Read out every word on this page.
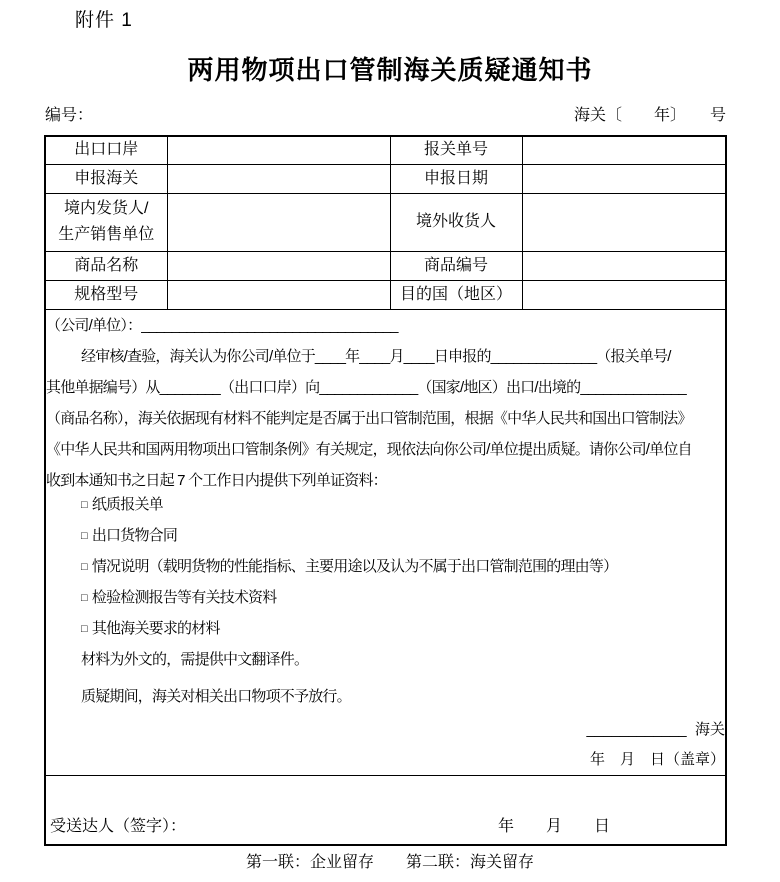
附件 1
两用物项出口管制海关质疑通知书
编号：	海关〔　　年〕　　号
出口口岸		报关单号	
申报海关		申报日期	

境内发货人/
生产销售单位		境外收货人	
商品名称		商品编号	
规格型号		目的国（地区）	

（公司/单位）：__________________________________
经审核/查验，海关认为你公司/单位于____年____月____日申报的______________（报关单号/
其他单据编号）从________（出口口岸）向_____________（国家/地区）出口/出境的______________
（商品名称），海关依据现有材料不能判定是否属于出口管制范围，根据《中华人民共和国出口管制法》
《中华人民共和国两用物项出口管制条例》有关规定，现依法向你公司/单位提出质疑。请你公司/单位自
收到本通知书之日起 7 个工作日内提供下列单证资料：
□ 纸质报关单
□ 出口货物合同
□ 情况说明（载明货物的性能指标、主要用途以及认为不属于出口管制范围的理由等）
□ 检验检测报告等有关技术资料
□ 其他海关要求的材料
材料为外文的，需提供中文翻译件。
质疑期间，海关对相关出口物项不予放行。
____________  海关
年　月　日（盖章）

受送达人（签字）： 年　　月　　日			
第一联：企业留存　　第二联：海关留存
